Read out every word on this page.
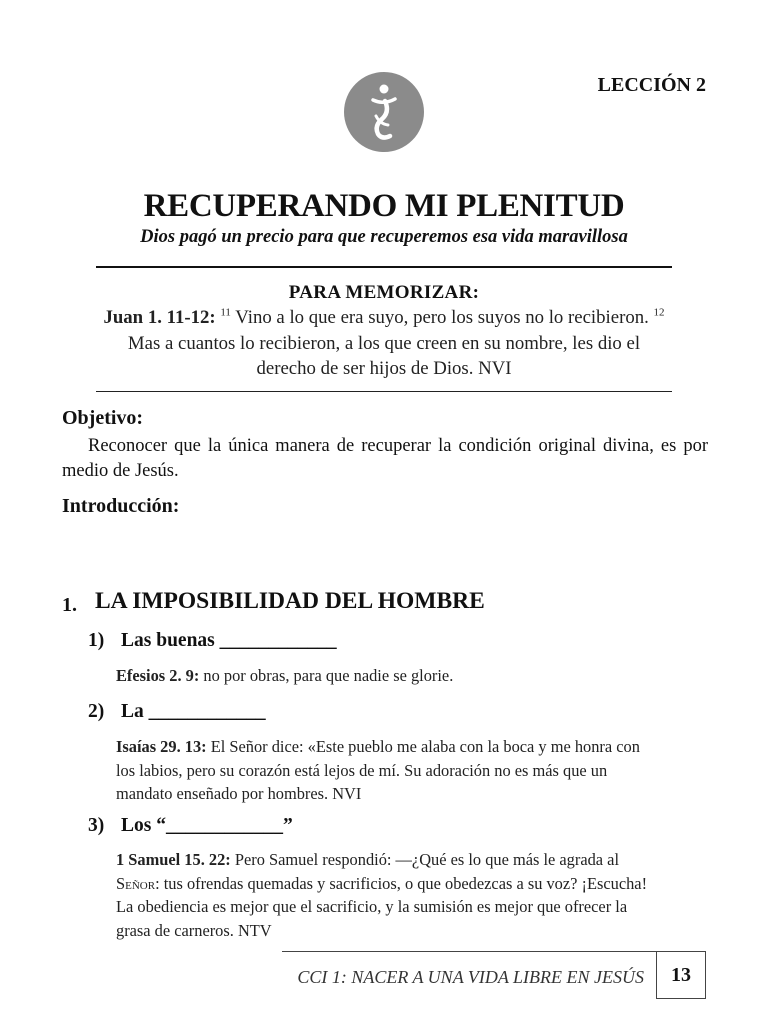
LECCIÓN 2
RECUPERANDO MI PLENITUD
Dios pagó un precio para que recuperemos esa vida maravillosa
PARA MEMORIZAR:
Juan 1. 11-12: $^{11}$ Vino a lo que era suyo, pero los suyos no lo recibieron. $^{12}$ Mas a cuantos lo recibieron, a los que creen en su nombre, les dio el derecho de ser hijos de Dios. NVI
Objetivo:
Reconocer que la única manera de recuperar la condición original divina, es por medio de Jesús.
Introducción:
1. LA IMPOSIBILIDAD DEL HOMBRE
1) Las buenas ____________
Efesios 2. 9: no por obras, para que nadie se glorie.
2) La ____________
Isaías 29. 13: El Señor dice: «Este pueblo me alaba con la boca y me honra con los labios, pero su corazón está lejos de mí. Su adoración no es más que un mandato enseñado por hombres. NVI
3) Los “____________”
1 Samuel 15. 22: Pero Samuel respondió: —¿Qué es lo que más le agrada al Señor: tus ofrendas quemadas y sacrificios, o que obedezcas a su voz? ¡Escucha! La obediencia es mejor que el sacrificio, y la sumisión es mejor que ofrecer la grasa de carneros. NTV
CCI 1: NACER A UNA VIDA LIBRE EN JESÚS	13
